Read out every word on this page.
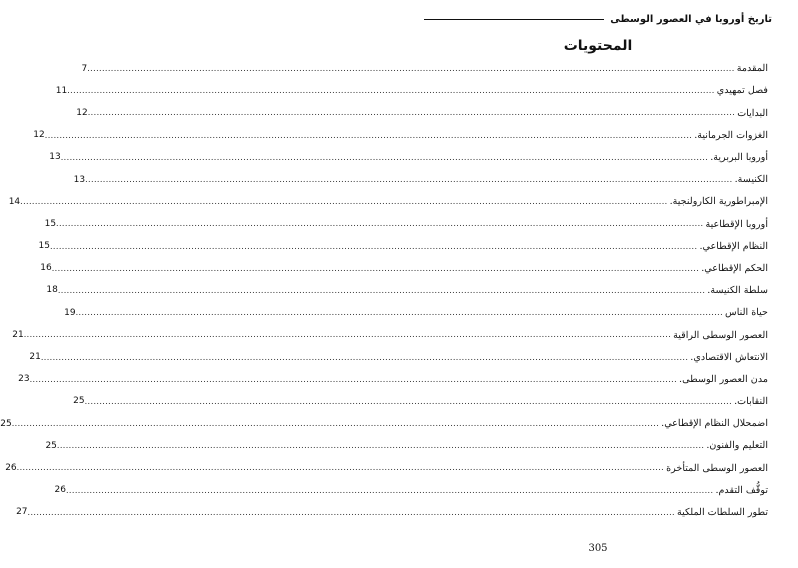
تاريخ أوروبا في العصور الوسطى
المحتويات
المقدمة
............................................................................................................................................................................................................................
7
فصل تمهيدي
............................................................................................................................................................................................................................
11
البدايات
............................................................................................................................................................................................................................
12
الغزوات الجرمانية.
............................................................................................................................................................................................................................
12
أوروبا البربرية.
............................................................................................................................................................................................................................
13
الكنيسة.
............................................................................................................................................................................................................................
13
الإمبراطورية الكارولنجية.
............................................................................................................................................................................................................................
14
أوروبا الإقطاعية
............................................................................................................................................................................................................................
15
النظام الإقطاعي.
............................................................................................................................................................................................................................
15
الحكم الإقطاعي.
............................................................................................................................................................................................................................
16
سلطة الكنيسة.
............................................................................................................................................................................................................................
18
حياة الناس
............................................................................................................................................................................................................................
19
العصور الوسطى الراقية
............................................................................................................................................................................................................................
21
الانتعاش الاقتصادي.
............................................................................................................................................................................................................................
21
مدن العصور الوسطى.
............................................................................................................................................................................................................................
23
النقابات.
............................................................................................................................................................................................................................
25
اضمحلال النظام الإقطاعي.
............................................................................................................................................................................................................................
25
التعليم والفنون.
............................................................................................................................................................................................................................
25
العصور الوسطى المتأخرة
............................................................................................................................................................................................................................
26
توقُّف التقدم.
............................................................................................................................................................................................................................
26
تطور السلطات الملكية
............................................................................................................................................................................................................................
27
305
